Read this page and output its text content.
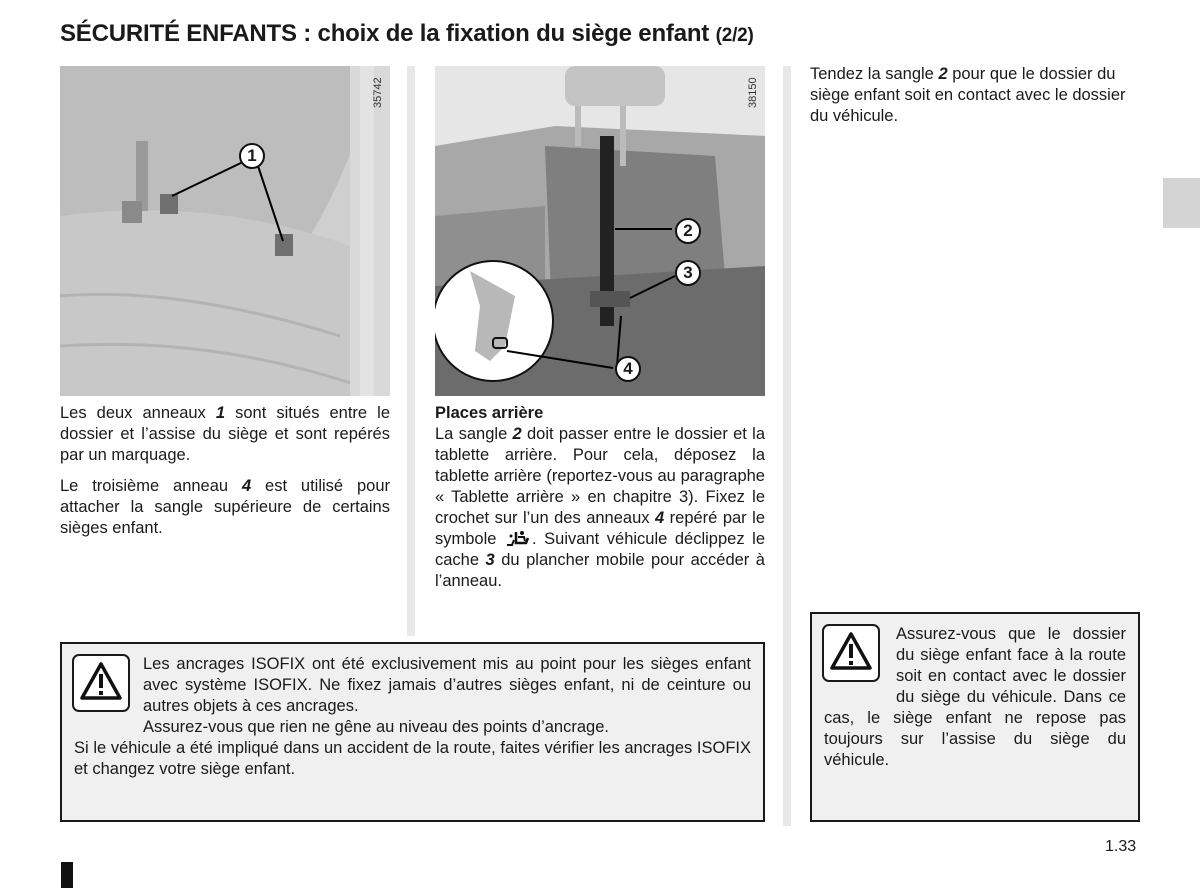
SÉCURITÉ ENFANTS : choix de la fixation du siège enfant (2/2)
1
35742
2
3
4
38150

Les deux anneaux 1 sont situés entre le dossier et l’assise du siège et sont repérés par un marquage.

Le troisième anneau 4 est utilisé pour attacher la sangle supérieure de certains sièges enfant.

Places arrière
La sangle 2 doit passer entre le dossier et la tablette arrière. Pour cela, déposez la tablette arrière (reportez-vous au paragraphe « Tablette arrière » en chapitre 3). Fixez le crochet sur l’un des anneaux 4 repéré par le symbole . Suivant véhicule déclippez le cache 3 du plancher mobile pour accéder à l’anneau.
Tendez la sangle 2 pour que le dossier du siège enfant soit en contact avec le dossier du véhicule.
Les ancrages ISOFIX ont été exclusivement mis au point pour les sièges enfant avec système ISOFIX. Ne fixez jamais d’autres sièges enfant, ni de ceinture ou autres objets à ces ancrages.
Assurez-vous que rien ne gêne au niveau des points d’ancrage.
Si le véhicule a été impliqué dans un accident de la route, faites vérifier les ancrages ISOFIX et changez votre siège enfant.
Assurez-vous que le dossier du siège enfant face à la route soit en contact avec le dossier du siège du véhicule. Dans ce cas, le siège enfant ne repose pas toujours sur l’assise du siège du véhicule.
1.33
